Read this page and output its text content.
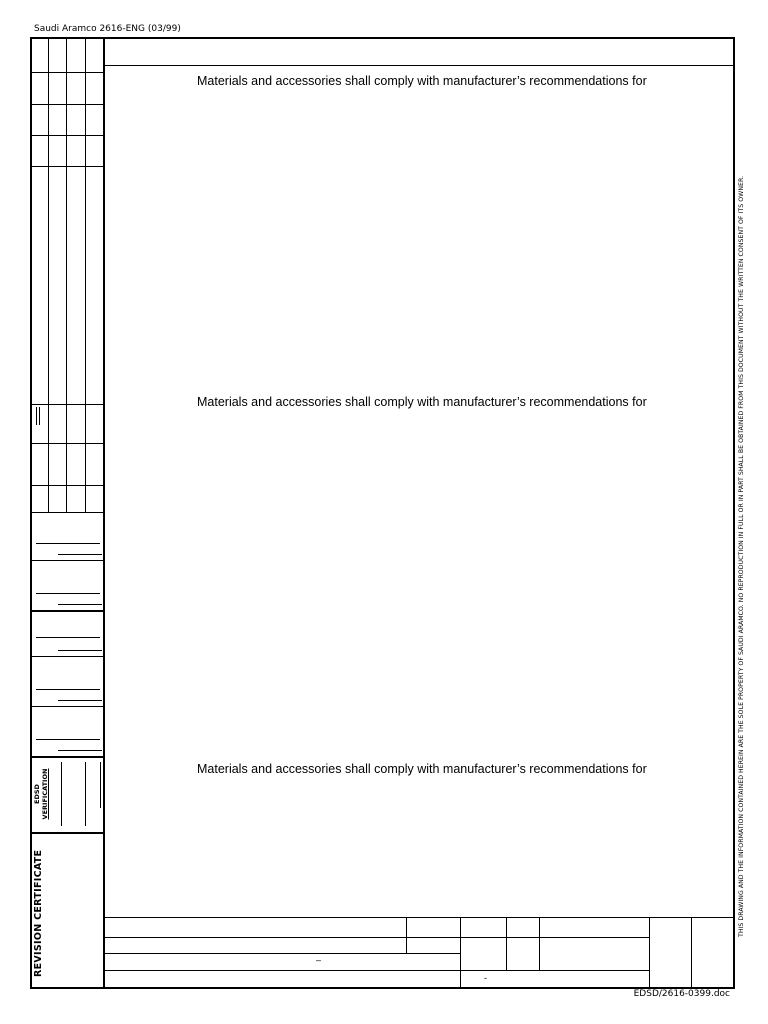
Saudi Aramco 2616-ENG (03/99)
EDSD/2616-0399.doc
EDSD VERIFICATION
REVISION CERTIFICATE
Materials and accessories shall comply with manufacturer’s recommendations for
Materials and accessories shall comply with manufacturer’s recommendations for
Materials and accessories shall comply with manufacturer’s recommendations for
–
-
THIS DRAWING AND THE INFORMATION CONTAINED HEREIN ARE THE SOLE PROPERTY OF SAUDI ARAMCO. NO REPRODUCTION IN FULL OR IN PART SHALL BE OBTAINED FROM THIS DOCUMENT WITHOUT THE WRITTEN CONSENT OF ITS OWNER.
